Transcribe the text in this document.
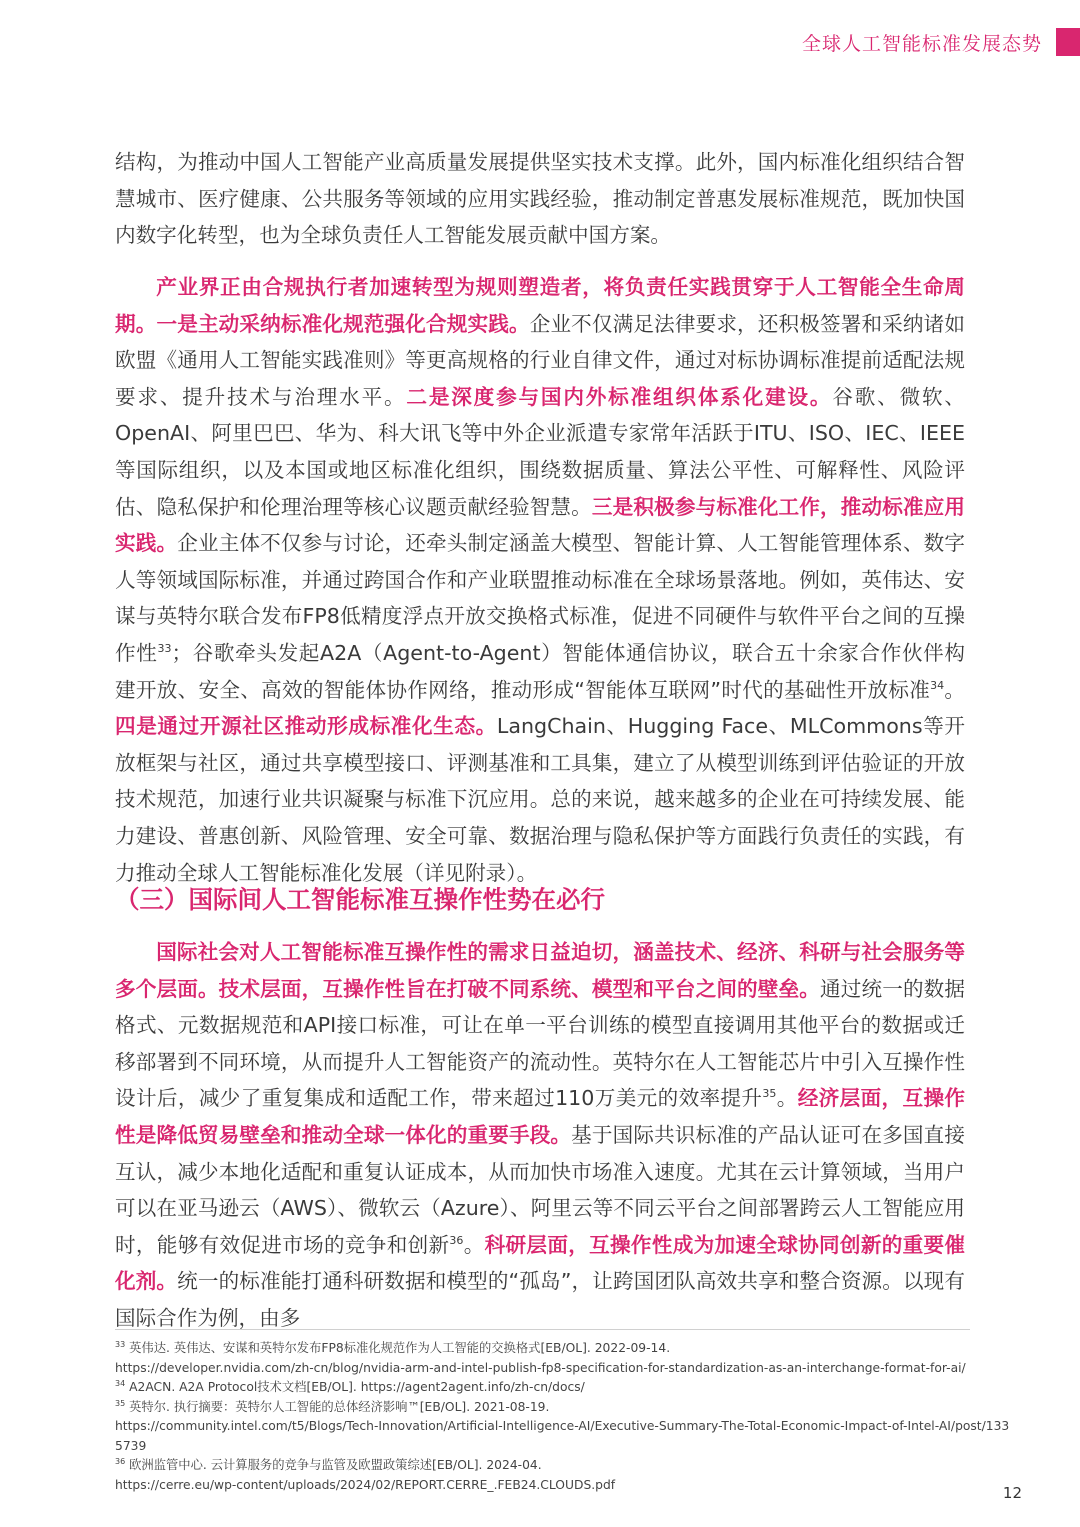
全球人工智能标准发展态势

结构，为推动中国人工智能产业高质量发展提供坚实技术支撑。此外，国内标准化组织结合智慧城市、医疗健康、公共服务等领域的应用实践经验，推动制定普惠发展标准规范，既加快国内数字化转型，也为全球负责任人工智能发展贡献中国方案。

产业界正由合规执行者加速转型为规则塑造者，将负责任实践贯穿于人工智能全生命周期。一是主动采纳标准化规范强化合规实践。企业不仅满足法律要求，还积极签署和采纳诸如欧盟《通用人工智能实践准则》等更高规格的行业自律文件，通过对标协调标准提前适配法规要求、提升技术与治理水平。二是深度参与国内外标准组织体系化建设。谷歌、微软、OpenAI、阿里巴巴、华为、科大讯飞等中外企业派遣专家常年活跃于ITU、ISO、IEC、IEEE等国际组织，以及本国或地区标准化组织，围绕数据质量、算法公平性、可解释性、风险评估、隐私保护和伦理治理等核心议题贡献经验智慧。三是积极参与标准化工作，推动标准应用实践。企业主体不仅参与讨论，还牵头制定涵盖大模型、智能计算、人工智能管理体系、数字人等领域国际标准，并通过跨国合作和产业联盟推动标准在全球场景落地。例如，英伟达、安谋与英特尔联合发布FP8低精度浮点开放交换格式标准，促进不同硬件与软件平台之间的互操作性$^{33}$；谷歌牵头发起A2A（Agent-to-Agent）智能体通信协议，联合五十余家合作伙伴构建开放、安全、高效的智能体协作网络，推动形成“智能体互联网”时代的基础性开放标准$^{34}$。四是通过开源社区推动形成标准化生态。LangChain、Hugging Face、MLCommons等开放框架与社区，通过共享模型接口、评测基准和工具集，建立了从模型训练到评估验证的开放技术规范，加速行业共识凝聚与标准下沉应用。总的来说，越来越多的企业在可持续发展、能力建设、普惠创新、风险管理、安全可靠、数据治理与隐私保护等方面践行负责任的实践，有力推动全球人工智能标准化发展（详见附录）。

（三）国际间人工智能标准互操作性势在必行

国际社会对人工智能标准互操作性的需求日益迫切，涵盖技术、经济、科研与社会服务等多个层面。技术层面，互操作性旨在打破不同系统、模型和平台之间的壁垒。通过统一的数据格式、元数据规范和API接口标准，可让在单一平台训练的模型直接调用其他平台的数据或迁移部署到不同环境，从而提升人工智能资产的流动性。英特尔在人工智能芯片中引入互操作性设计后，减少了重复集成和适配工作，带来超过110万美元的效率提升$^{35}$。经济层面，互操作性是降低贸易壁垒和推动全球一体化的重要手段。基于国际共识标准的产品认证可在多国直接互认，减少本地化适配和重复认证成本，从而加快市场准入速度。尤其在云计算领域，当用户可以在亚马逊云（AWS）、微软云（Azure）、阿里云等不同云平台之间部署跨云人工智能应用时，能够有效促进市场的竞争和创新$^{36}$。科研层面，互操作性成为加速全球协同创新的重要催化剂。统一的标准能打通科研数据和模型的“孤岛”，让跨国团队高效共享和整合资源。以现有国际合作为例，由多

$^{33}$ 英伟达. 英伟达、安谋和英特尔发布FP8标准化规范作为人工智能的交换格式[EB/OL]. 2022-09-14.
https://developer.nvidia.com/zh-cn/blog/nvidia-arm-and-intel-publish-fp8-specification-for-standardization-as-an-interchange-format-for-ai/
$^{34}$ A2ACN. A2A Protocol技术文档[EB/OL]. https://agent2agent.info/zh-cn/docs/
$^{35}$ 英特尔. 执行摘要：英特尔人工智能的总体经济影响™[EB/OL]. 2021-08-19.
https://community.intel.com/t5/Blogs/Tech-Innovation/Artificial-Intelligence-AI/Executive-Summary-The-Total-Economic-Impact-of-Intel-AI/post/1335739
$^{36}$ 欧洲监管中心. 云计算服务的竞争与监管及欧盟政策综述[EB/OL]. 2024-04.
https://cerre.eu/wp-content/uploads/2024/02/REPORT.CERRE_.FEB24.CLOUDS.pdf	12
